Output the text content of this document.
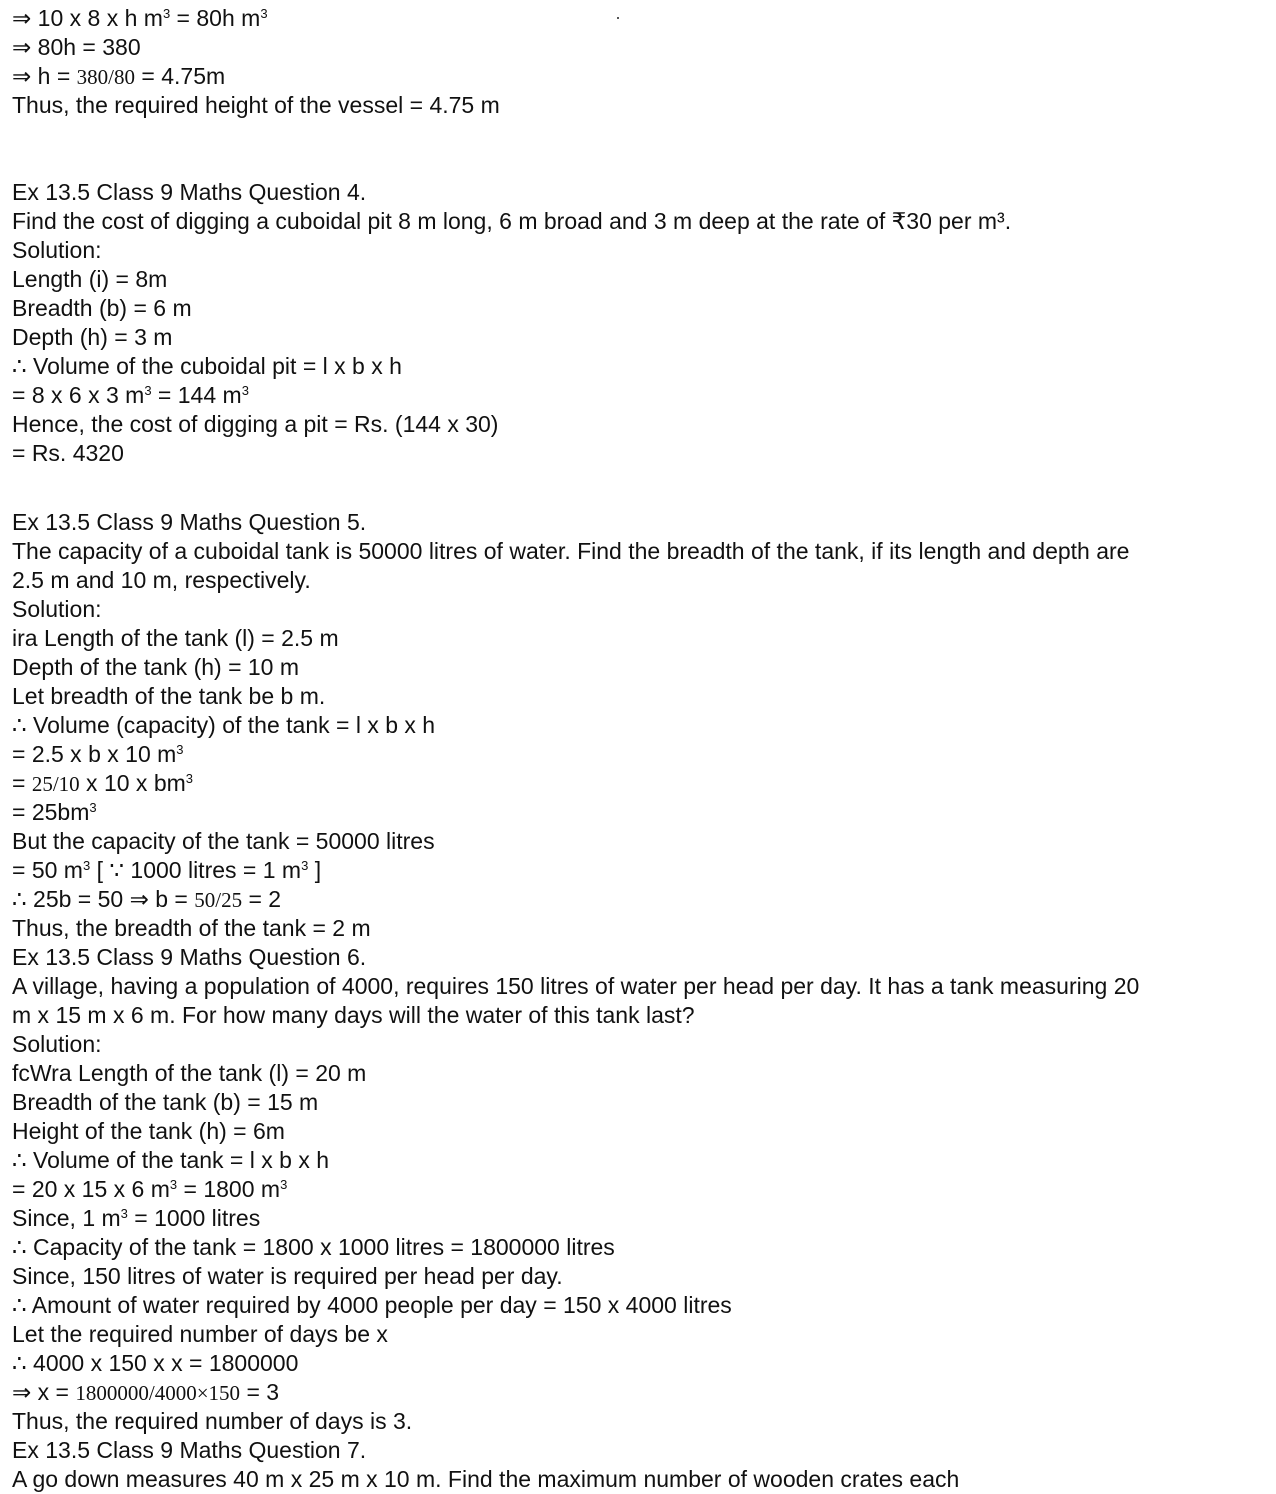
⇒ 10 x 8 x h $m^3 = 80h$ $m^3$
⇒ 80h = 380
⇒ h = 380/80 = 4.75m
Thus, the required height of the vessel = 4.75 m
Ex 13.5 Class 9 Maths Question 4.
Find the cost of digging a cuboidal pit 8 m long, 6 m broad and 3 m deep at the rate of ₹30 per m³.
Solution:
Length (i) = 8m
Breadth (b) = 6 m
Depth (h) = 3 m
∴ Volume of the cuboidal pit = l x b x h
= 8 x 6 x 3 $m^3 = 144$ $m^3$
Hence, the cost of digging a pit = Rs. (144 x 30)
= Rs. 4320
Ex 13.5 Class 9 Maths Question 5.
The capacity of a cuboidal tank is 50000 litres of water. Find the breadth of the tank, if its length and depth are 2.5 m and 10 m, respectively.
Solution:
ira Length of the tank (l) = 2.5 m
Depth of the tank (h) = 10 m
Let breadth of the tank be b m.
∴ Volume (capacity) of the tank = l x b x h
= 2.5 x b x 10 $m^3$
= 25/10 x 10 x $bm^3$
= $25bm^3$
But the capacity of the tank = 50000 litres
= 50 $m^3$ [ ∵ 1000 litres = 1 $m^3$ ]
∴ 25b = 50 ⇒ b = 50/25 = 2
Thus, the breadth of the tank = 2 m
Ex 13.5 Class 9 Maths Question 6.
A village, having a population of 4000, requires 150 litres of water per head per day. It has a tank measuring 20 m x 15 m x 6 m. For how many days will the water of this tank last?
Solution:
fcWra Length of the tank (l) = 20 m
Breadth of the tank (b) = 15 m
Height of the tank (h) = 6m
∴ Volume of the tank = l x b x h
= 20 x 15 x 6 $m^3 = 1800$ $m^3$
Since, 1 $m^3 = 1000$ litres
∴ Capacity of the tank = 1800 x 1000 litres = 1800000 litres
Since, 150 litres of water is required per head per day.
∴ Amount of water required by 4000 people per day = 150 x 4000 litres
Let the required number of days be x
∴ 4000 x 150 x x = 1800000
⇒ x = 1800000/4000×150 = 3
Thus, the required number of days is 3.
Ex 13.5 Class 9 Maths Question 7.
A go down measures 40 m x 25 m x 10 m. Find the maximum number of wooden crates each
